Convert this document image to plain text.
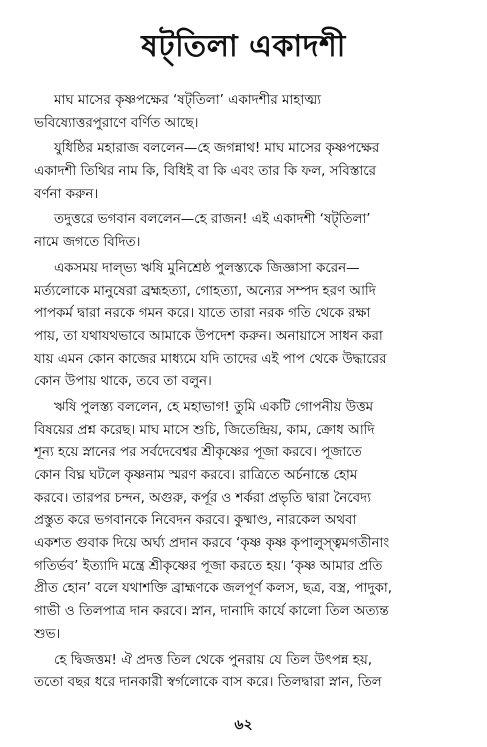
ষট্‌তিলা একাদশী
মাঘ মাসের কৃষ্ণপক্ষের ‘ষট্‌তিলা’ একাদশীর মাহাত্ম্য
ভবিষ্যোত্তরপুরাণে বর্ণিত আছে।
যুধিষ্ঠির মহারাজ বললেন—হে জগন্নাথ! মাঘ মাসের কৃষ্ণপক্ষের
একাদশী তিথির নাম কি, বিধিই বা কি এবং তার কি ফল, সবিস্তারে
বর্ণনা করুন।
তদুত্তরে ভগবান বললেন—হে রাজন! এই একাদশী ‘ষট্‌তিলা’
নামে জগতে বিদিত।
একসময় দাল্ভ্য ঋষি মুনিশ্রেষ্ঠ পুলস্ত্যকে জিজ্ঞাসা করেন—
মর্ত্যলোকে মানুষেরা ব্রহ্মহত্যা, গোহত্যা, অন্যের সম্পদ হরণ আদি
পাপকর্ম দ্বারা নরকে গমন করে। যাতে তারা নরক গতি থেকে রক্ষা
পায়, তা যথাযথভাবে আমাকে উপদেশ করুন। অনায়াসে সাধন করা
যায় এমন কোন কাজের মাধ্যমে যদি তাদের এই পাপ থেকে উদ্ধারের
কোন উপায় থাকে, তবে তা বলুন।
ঋষি পুলস্ত্য বললেন, হে মহাভাগ! তুমি একটি গোপনীয় উত্তম
বিষয়ের প্রশ্ন করেছ। মাঘ মাসে শুচি, জিতেন্দ্রিয়, কাম, ক্রোধ আদি
শূন্য হয়ে স্নানের পর সর্বদেবেশ্বর শ্রীকৃষ্ণের পূজা করবে। পূজাতে
কোন বিঘ্ন ঘটলে কৃষ্ণনাম স্মরণ করবে। রাত্রিতে অর্চনান্তে হোম
করবে। তারপর চন্দন, অগুরু, কর্পূর ও শর্করা প্রভৃতি দ্বারা নৈবেদ্য
প্রস্তুত করে ভগবানকে নিবেদন করবে। কুষ্মাণ্ড, নারকেল অথবা
একশত গুবাক দিয়ে অর্ঘ্য প্রদান করবে ‘কৃষ্ণ কৃষ্ণ কৃপালুস্ত্বমগতীনাং
গতির্ভব’ ইত্যাদি মন্ত্রে শ্রীকৃষ্ণের পূজা করতে হয়। ‘কৃষ্ণ আমার প্রতি
প্রীত হোন’ বলে যথাশক্তি ব্রাহ্মণকে জলপূর্ণ কলস, ছত্র, বস্ত্র, পাদুকা,
গাভী ও তিলপাত্র দান করবে। স্নান, দানাদি কার্যে কালো তিল অত্যন্ত
শুভ।
হে দ্বিজত্তম! ঐ প্রদত্ত তিল থেকে পুনরায় যে তিল উৎপন্ন হয়,
ততো বছর ধরে দানকারী স্বর্গলোকে বাস করে। তিলদ্বারা স্নান, তিল
৬২
